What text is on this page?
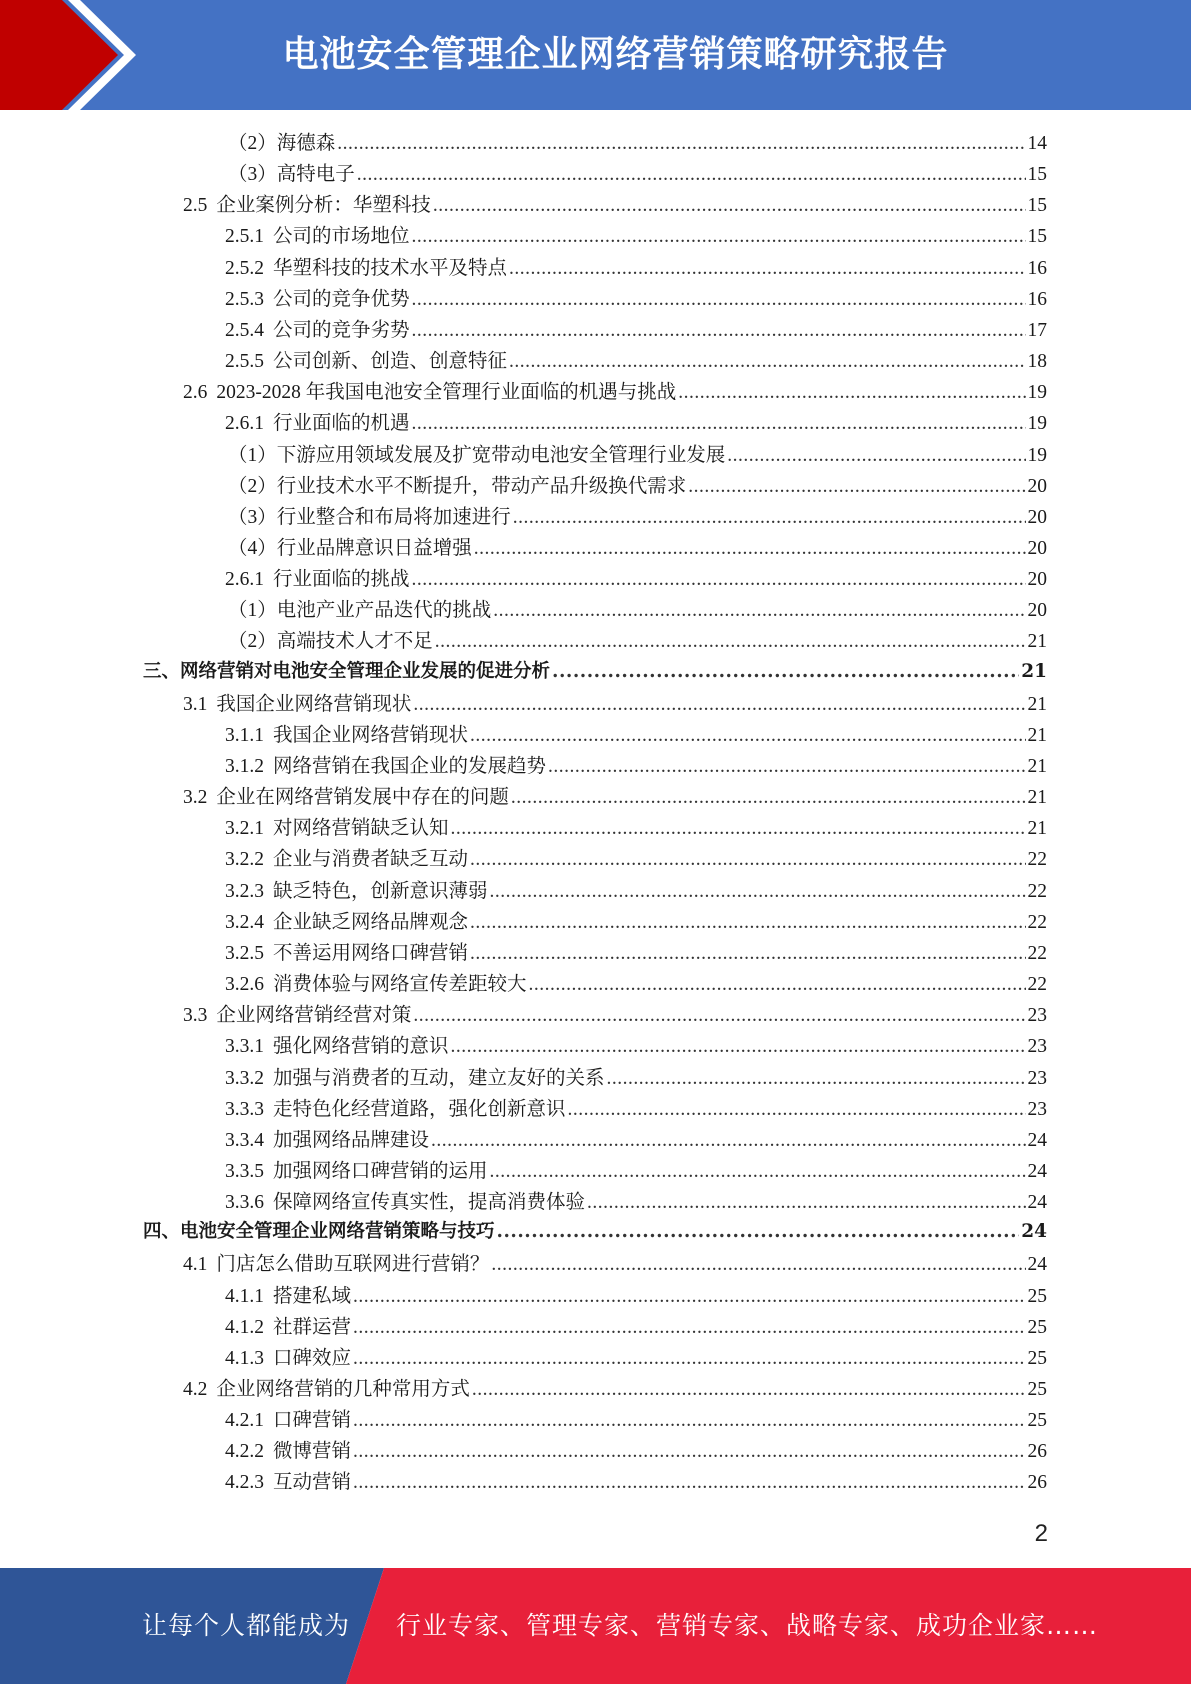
电池安全管理企业网络营销策略研究报告
（2）海德森 .....	14
（3）高特电子 .....	15
2.5 企业案例分析：华塑科技 .....	15
2.5.1 公司的市场地位 .....	15
2.5.2 华塑科技的技术水平及特点 .....	16
2.5.3 公司的竞争优势 .....	16
2.5.4 公司的竞争劣势 .....	17
2.5.5 公司创新、创造、创意特征 .....	18
2.6 2023-2028 年我国电池安全管理行业面临的机遇与挑战 .....	19
2.6.1 行业面临的机遇 .....	19
（1）下游应用领域发展及扩宽带动电池安全管理行业发展 .....	19
（2）行业技术水平不断提升，带动产品升级换代需求 .....	20
（3）行业整合和布局将加速进行 .....	20
（4）行业品牌意识日益增强 .....	20
2.6.1 行业面临的挑战 .....	20
（1）电池产业产品迭代的挑战 .....	20
（2）高端技术人才不足 .....	21
三、网络营销对电池安全管理企业发展的促进分析 .....	21
3.1 我国企业网络营销现状 .....	21
3.1.1 我国企业网络营销现状 .....	21
3.1.2 网络营销在我国企业的发展趋势 .....	21
3.2 企业在网络营销发展中存在的问题 .....	21
3.2.1 对网络营销缺乏认知 .....	21
3.2.2 企业与消费者缺乏互动 .....	22
3.2.3 缺乏特色，创新意识薄弱 .....	22
3.2.4 企业缺乏网络品牌观念 .....	22
3.2.5 不善运用网络口碑营销 .....	22
3.2.6 消费体验与网络宣传差距较大 .....	22
3.3 企业网络营销经营对策 .....	23
3.3.1 强化网络营销的意识 .....	23
3.3.2 加强与消费者的互动，建立友好的关系 .....	23
3.3.3 走特色化经营道路，强化创新意识 .....	23
3.3.4 加强网络品牌建设 .....	24
3.3.5 加强网络口碑营销的运用 .....	24
3.3.6 保障网络宣传真实性，提高消费体验 .....	24
四、电池安全管理企业网络营销策略与技巧 .....	24
4.1 门店怎么借助互联网进行营销？ .....	24
4.1.1 搭建私域 .....	25
4.1.2 社群运营 .....	25
4.1.3 口碑效应 .....	25
4.2 企业网络营销的几种常用方式 .....	25
4.2.1 口碑营销 .....	25
4.2.2 微博营销 .....	26
4.2.3 互动营销 .....	26
2
让每个人都能成为 行业专家、管理专家、营销专家、战略专家、成功企业家……
